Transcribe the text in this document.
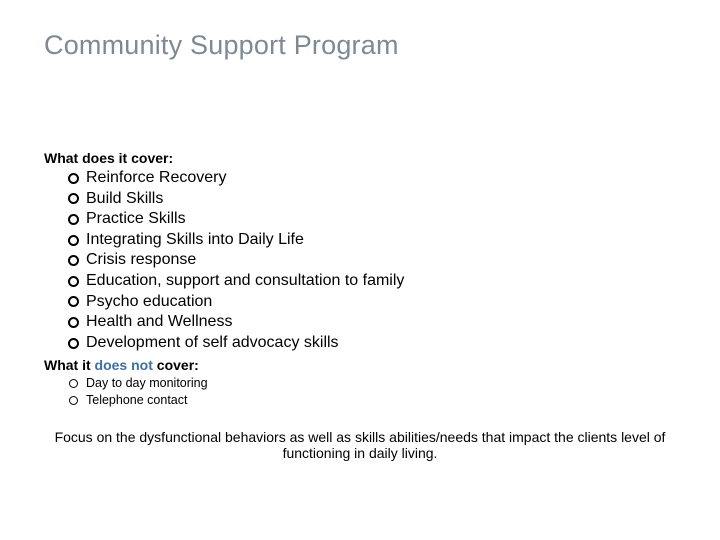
Community Support Program
What does it cover:
Reinforce Recovery
Build Skills
Practice Skills
Integrating Skills into Daily Life
Crisis response
Education, support and consultation to family
Psycho education
Health and Wellness
Development of self advocacy skills
What it does not cover:
Day to day monitoring
Telephone contact
Focus on the dysfunctional behaviors as well as skills abilities/needs that impact the clients level of functioning in daily living.
